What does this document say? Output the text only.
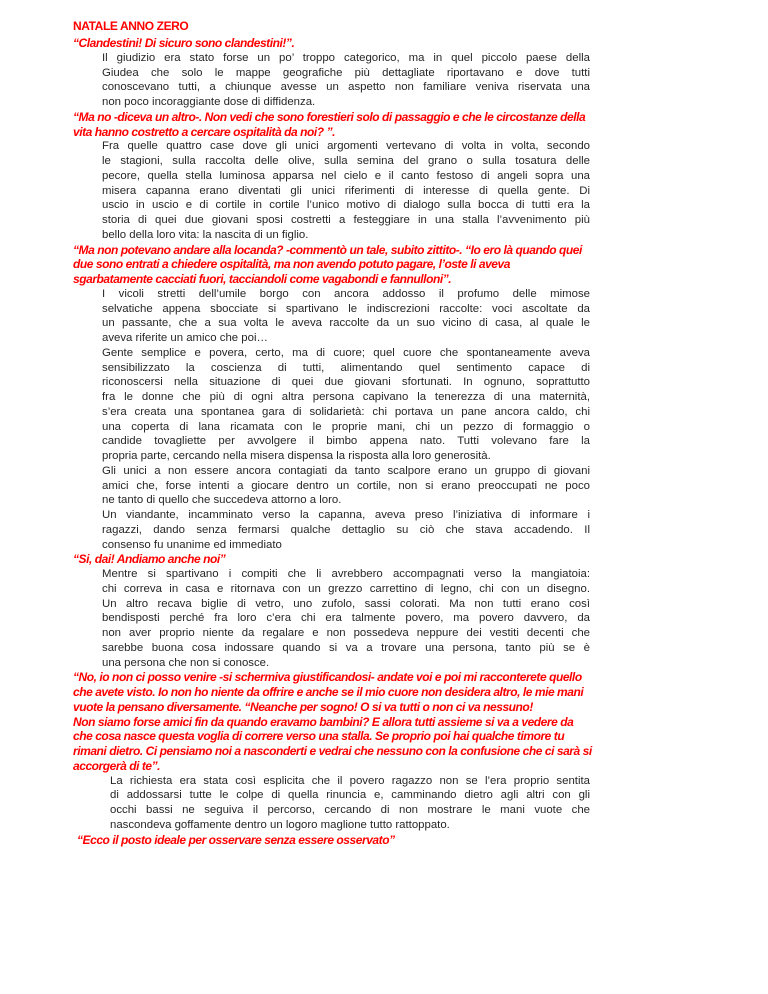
NATALE ANNO ZERO
“Clandestini! Di sicuro sono clandestini!”.
Il giudizio era stato forse un po’ troppo categorico, ma in quel piccolo paese della
Giudea che solo le mappe geografiche più dettagliate riportavano e dove tutti
conoscevano tutti, a chiunque avesse un aspetto non familiare veniva riservata una
non poco incoraggiante dose di diffidenza.
“Ma no -diceva un altro-. Non vedi che sono forestieri solo di passaggio e che le circostanze della
vita hanno costretto a cercare ospitalità da noi? ”.
Fra quelle quattro case dove gli unici argomenti vertevano di volta in volta, secondo
le stagioni, sulla raccolta delle olive, sulla semina del grano o sulla tosatura delle
pecore, quella stella luminosa apparsa nel cielo e il canto festoso di angeli sopra una
misera capanna erano diventati gli unici riferimenti di interesse di quella gente. Di
uscio in uscio e di cortile in cortile l’unico motivo di dialogo sulla bocca di tutti era la
storia di quei due giovani sposi costretti a festeggiare in una stalla l’avvenimento più
bello della loro vita: la nascita di un figlio.
“Ma non potevano andare alla locanda? -commentò un tale, subito zittito-. “Io ero là quando quei
due sono entrati a chiedere ospitalità, ma non avendo potuto pagare, l’oste li aveva
sgarbatamente cacciati fuori, tacciandoli come vagabondi e fannulloni”.
I vicoli stretti dell’umile borgo con ancora addosso il profumo delle mimose
selvatiche appena sbocciate si spartivano le indiscrezioni raccolte: voci ascoltate da
un passante, che a sua volta le aveva raccolte da un suo vicino di casa, al quale le
aveva riferite un amico che poi…
Gente semplice e povera, certo, ma di cuore; quel cuore che spontaneamente aveva
sensibilizzato la coscienza di tutti, alimentando quel sentimento capace di
riconoscersi nella situazione di quei due giovani sfortunati. In ognuno, soprattutto
fra le donne che più di ogni altra persona capivano la tenerezza di una maternità,
s’era creata una spontanea gara di solidarietà: chi portava un pane ancora caldo, chi
una coperta di lana ricamata con le proprie mani, chi un pezzo di formaggio o
candide tovagliette per avvolgere il bimbo appena nato. Tutti volevano fare la
propria parte, cercando nella misera dispensa la risposta alla loro generosità.
Gli unici a non essere ancora contagiati da tanto scalpore erano un gruppo di giovani
amici che, forse intenti a giocare dentro un cortile, non si erano preoccupati ne poco
ne tanto di quello che succedeva attorno a loro.
Un viandante, incamminato verso la capanna, aveva preso l’iniziativa di informare i
ragazzi, dando senza fermarsi qualche dettaglio su ciò che stava accadendo. Il
consenso fu unanime ed immediato
“Si, dai! Andiamo anche noi”
Mentre si spartivano i compiti che li avrebbero accompagnati verso la mangiatoia:
chi correva in casa e ritornava con un grezzo carrettino di legno, chi con un disegno.
Un altro recava biglie di vetro, uno zufolo, sassi colorati. Ma non tutti erano così
bendisposti perché fra loro c’era chi era talmente povero, ma povero davvero, da
non aver proprio niente da regalare e non possedeva neppure dei vestiti decenti che
sarebbe buona cosa indossare quando si va a trovare una persona, tanto più se è
una persona che non si conosce.
“No, io non ci posso venire -si schermiva giustificandosi- andate voi e poi mi racconterete quello
che avete visto. Io non ho niente da offrire e anche se il mio cuore non desidera altro, le mie mani
vuote la pensano diversamente. “Neanche per sogno! O si va tutti o non ci va nessuno!
Non siamo forse amici fin da quando eravamo bambini? E allora tutti assieme si va a vedere da
che cosa nasce questa voglia di correre verso una stalla. Se proprio poi hai qualche timore tu
rimani dietro. Ci pensiamo noi a nasconderti e vedrai che nessuno con la confusione che ci sarà si
accorgerà di te”.
La richiesta era stata così esplicita che il povero ragazzo non se l’era proprio sentita
di addossarsi tutte le colpe di quella rinuncia e, camminando dietro agli altri con gli
occhi bassi ne seguiva il percorso, cercando di non mostrare le mani vuote che
nascondeva goffamente dentro un logoro maglione tutto rattoppato.
“Ecco il posto ideale per osservare senza essere osservato”
